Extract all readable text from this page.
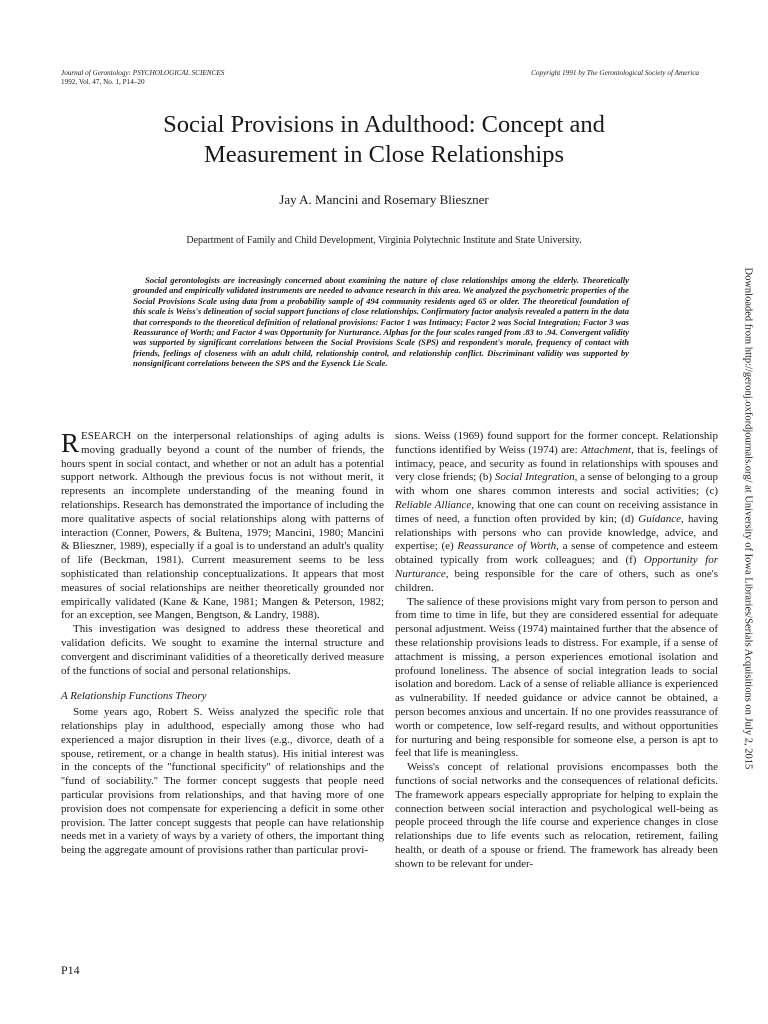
Journal of Gerontology: PSYCHOLOGICAL SCIENCES
1992, Vol. 47, No. 1, P14–20
Copyright 1991 by The Gerontological Society of America
Social Provisions in Adulthood: Concept and
Measurement in Close Relationships
Jay A. Mancini and Rosemary Blieszner
Department of Family and Child Development, Virginia Polytechnic Institute and State University.
Social gerontologists are increasingly concerned about examining the nature of close relationships among the elderly. Theoretically grounded and empirically validated instruments are needed to advance research in this area. We analyzed the psychometric properties of the Social Provisions Scale using data from a probability sample of 494 community residents aged 65 or older. The theoretical foundation of this scale is Weiss's delineation of social support functions of close relationships. Confirmatory factor analysis revealed a pattern in the data that corresponds to the theoretical definition of relational provisions: Factor 1 was Intimacy; Factor 2 was Social Integration; Factor 3 was Reassurance of Worth; and Factor 4 was Opportunity for Nurturance. Alphas for the four scales ranged from .83 to .94. Convergent validity was supported by significant correlations between the Social Provisions Scale (SPS) and respondent's morale, frequency of contact with friends, feelings of closeness with an adult child, relationship control, and relationship conflict. Discriminant validity was supported by nonsignificant correlations between the SPS and the Eysenck Lie Scale.

RESEARCH on the interpersonal relationships of aging adults is moving gradually beyond a count of the number of friends, the hours spent in social contact, and whether or not an adult has a potential support network. Although the previous focus is not without merit, it represents an incomplete understanding of the meaning found in relationships. Research has demonstrated the importance of including the more qualitative aspects of social relationships along with patterns of interaction (Conner, Powers, & Bultena, 1979; Mancini, 1980; Mancini & Blieszner, 1989), especially if a goal is to understand an adult's quality of life (Beckman, 1981). Current measurement seems to be less sophisticated than relationship conceptualizations. It appears that most measures of social relationships are neither theoretically grounded nor empirically validated (Kane & Kane, 1981; Mangen & Peterson, 1982; for an exception, see Mangen, Bengtson, & Landry, 1988).

This investigation was designed to address these theoretical and validation deficits. We sought to examine the internal structure and convergent and discriminant validities of a theoretically derived measure of the functions of social and personal relationships.

A Relationship Functions Theory

Some years ago, Robert S. Weiss analyzed the specific role that relationships play in adulthood, especially among those who had experienced a major disruption in their lives (e.g., divorce, death of a spouse, retirement, or a change in health status). His initial interest was in the concepts of the ''functional specificity'' of relationships and the ''fund of sociability.'' The former concept suggests that people need particular provisions from relationships, and that having more of one provision does not compensate for experiencing a deficit in some other provision. The latter concept suggests that people can have relationship needs met in a variety of ways by a variety of others, the important thing being the aggregate amount of provisions rather than particular provi-

sions. Weiss (1969) found support for the former concept. Relationship functions identified by Weiss (1974) are: Attachment, that is, feelings of intimacy, peace, and security as found in relationships with spouses and very close friends; (b) Social Integration, a sense of belonging to a group with whom one shares common interests and social activities; (c) Reliable Alliance, knowing that one can count on receiving assistance in times of need, a function often provided by kin; (d) Guidance, having relationships with persons who can provide knowledge, advice, and expertise; (e) Reassurance of Worth, a sense of competence and esteem obtained typically from work colleagues; and (f) Opportunity for Nurturance, being responsible for the care of others, such as one's children.

The salience of these provisions might vary from person to person and from time to time in life, but they are considered essential for adequate personal adjustment. Weiss (1974) maintained further that the absence of these relationship provisions leads to distress. For example, if a sense of attachment is missing, a person experiences emotional isolation and profound loneliness. The absence of social integration leads to social isolation and boredom. Lack of a sense of reliable alliance is experienced as vulnerability. If needed guidance or advice cannot be obtained, a person becomes anxious and uncertain. If no one provides reassurance of worth or competence, low self-regard results, and without opportunities for nurturing and being responsible for someone else, a person is apt to feel that life is meaningless.

Weiss's concept of relational provisions encompasses both the functions of social networks and the consequences of relational deficits. The framework appears especially appropriate for helping to explain the connection between social interaction and psychological well-being as people proceed through the life course and experience changes in close relationships due to life events such as relocation, retirement, failing health, or death of a spouse or friend. The framework has already been shown to be relevant for under-

P14
Downloaded from http://geronj.oxfordjournals.org/ at University of Iowa Libraries/Serials Acquisitions on July 2, 2015
